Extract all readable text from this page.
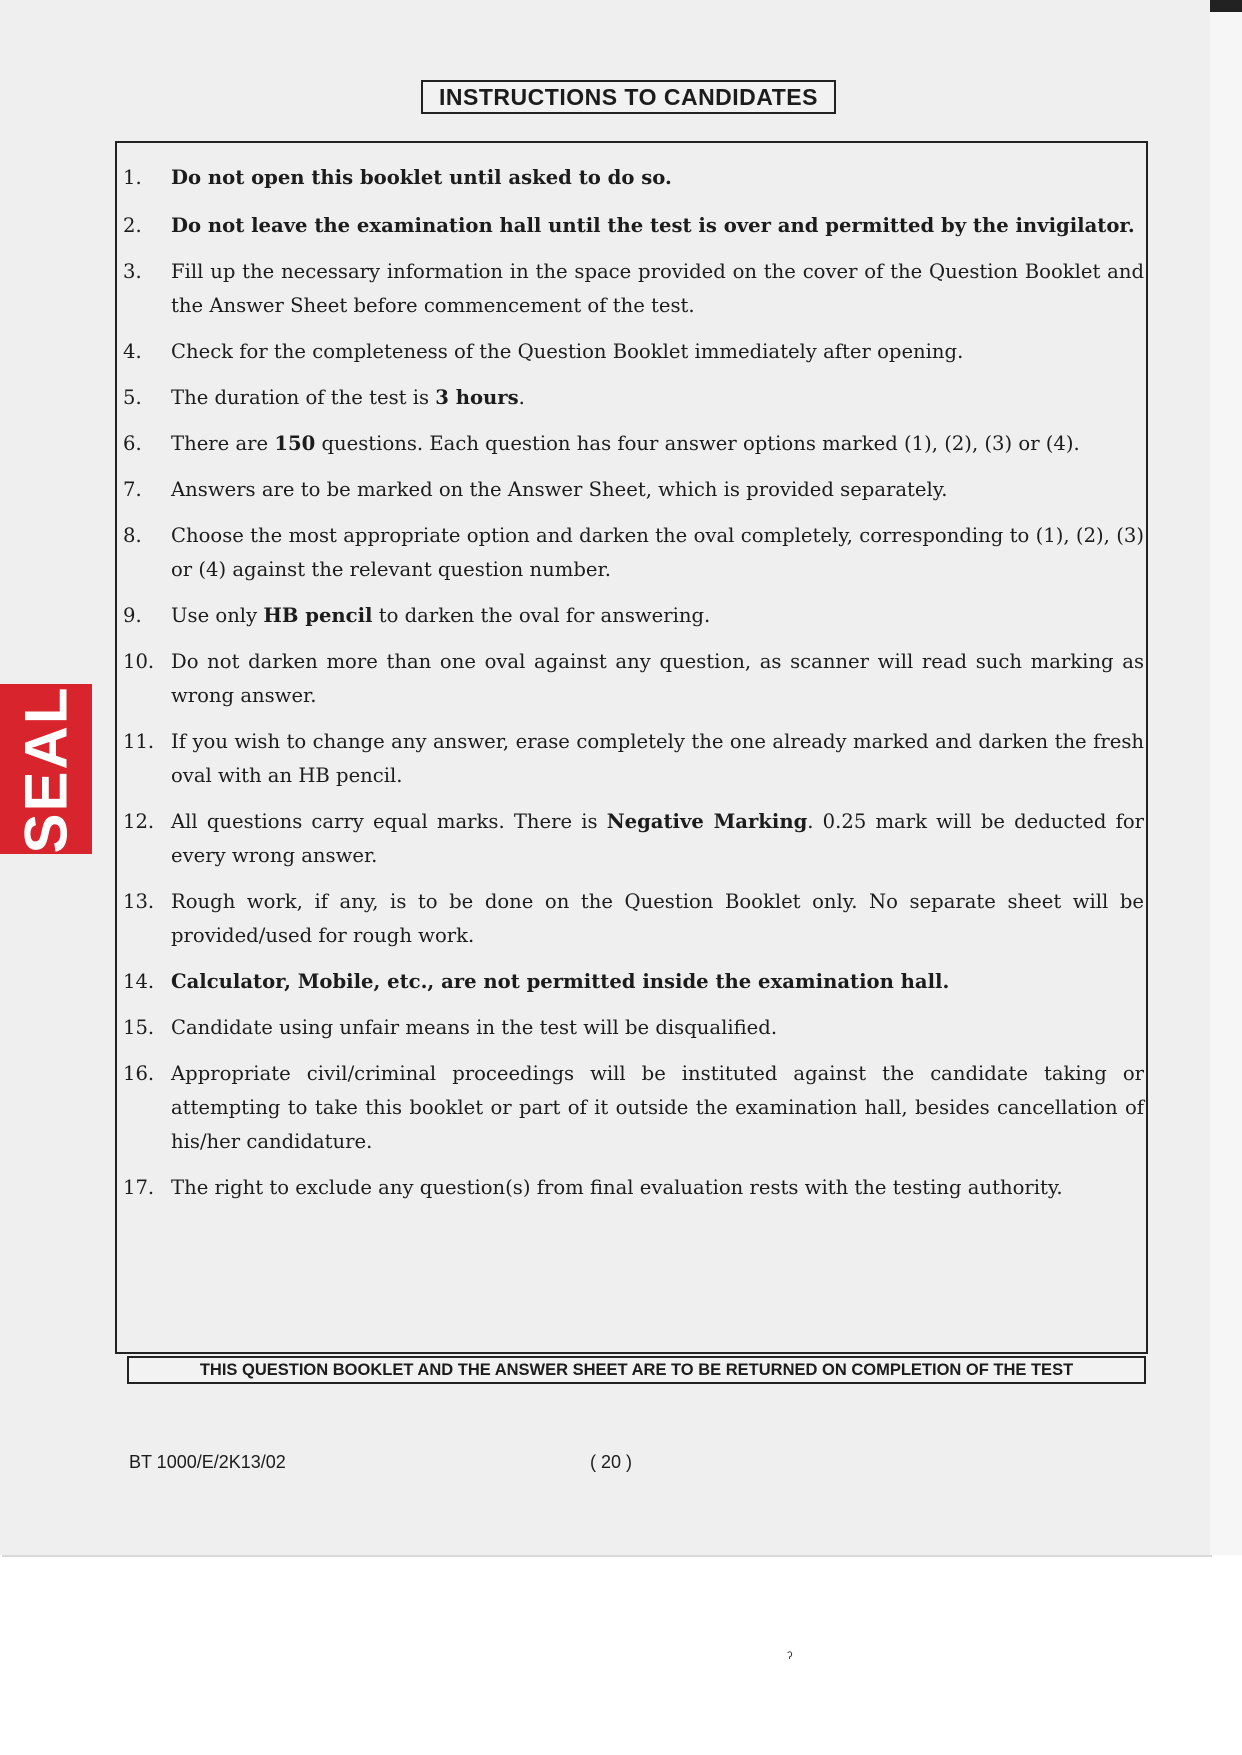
INSTRUCTIONS TO CANDIDATES
1. Do not open this booklet until asked to do so.
2. Do not leave the examination hall until the test is over and permitted by the invigilator.
3. Fill up the necessary information in the space provided on the cover of the Question Booklet and the Answer Sheet before commencement of the test.
4. Check for the completeness of the Question Booklet immediately after opening.
5. The duration of the test is 3 hours.
6. There are 150 questions. Each question has four answer options marked (1), (2), (3) or (4).
7. Answers are to be marked on the Answer Sheet, which is provided separately.
8. Choose the most appropriate option and darken the oval completely, corresponding to (1), (2), (3) or (4) against the relevant question number.
9. Use only HB pencil to darken the oval for answering.
10. Do not darken more than one oval against any question, as scanner will read such marking as wrong answer.
11. If you wish to change any answer, erase completely the one already marked and darken the fresh oval with an HB pencil.
12. All questions carry equal marks. There is Negative Marking. 0.25 mark will be deducted for every wrong answer.
13. Rough work, if any, is to be done on the Question Booklet only. No separate sheet will be provided/used for rough work.
14. Calculator, Mobile, etc., are not permitted inside the examination hall.
15. Candidate using unfair means in the test will be disqualified.
16. Appropriate civil/criminal proceedings will be instituted against the candidate taking or attempting to take this booklet or part of it outside the examination hall, besides cancellation of his/her candidature.
17. The right to exclude any question(s) from final evaluation rests with the testing authority.
THIS QUESTION BOOKLET AND THE ANSWER SHEET ARE TO BE RETURNED ON COMPLETION OF THE TEST
BT 1000/E/2K13/02	( 20 )
SEAL
ˀ
